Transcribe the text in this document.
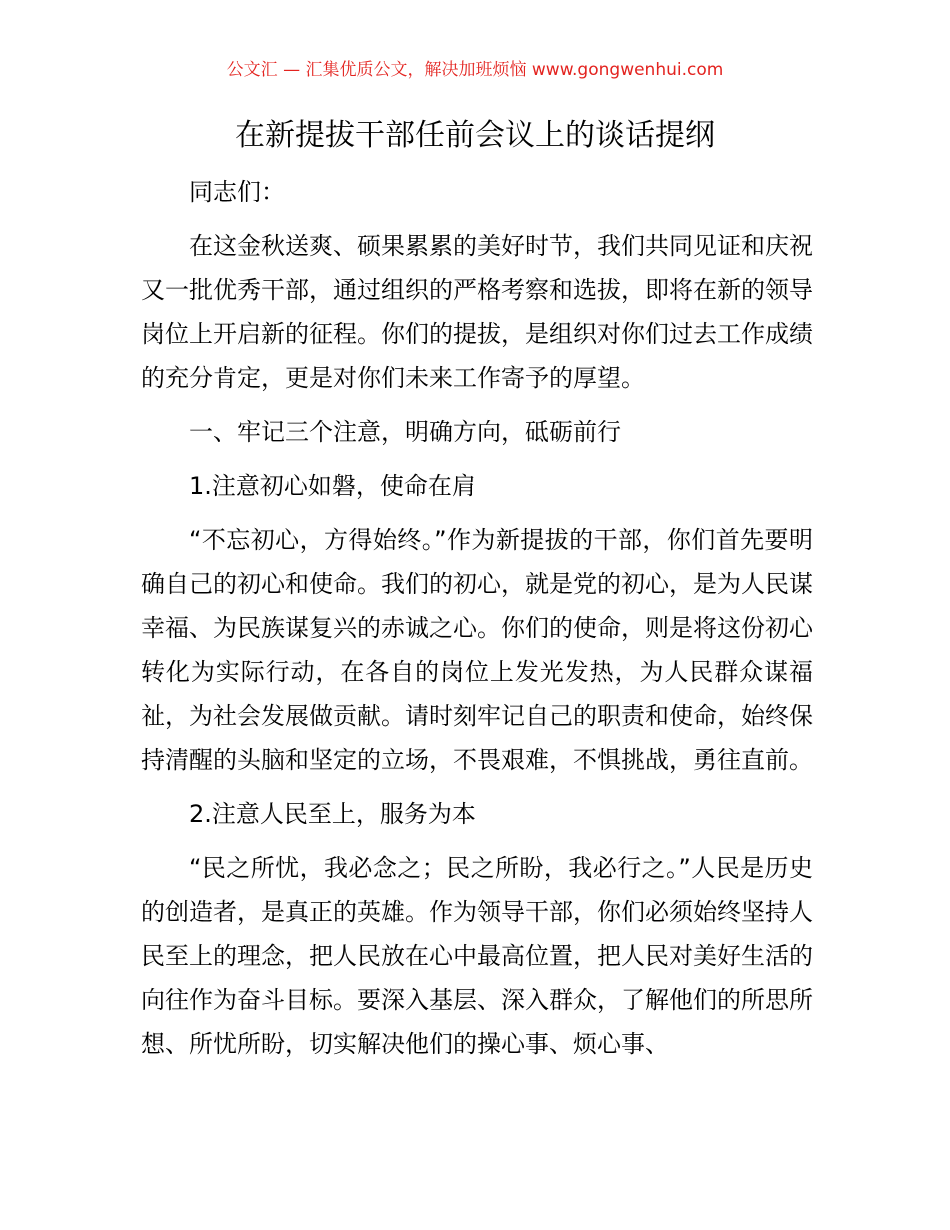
公文汇 — 汇集优质公文，解决加班烦恼 www.gongwenhui.com
在新提拔干部任前会议上的谈话提纲

同志们：

在这金秋送爽、硕果累累的美好时节，我们共同见证和庆祝又一批优秀干部，通过组织的严格考察和选拔，即将在新的领导岗位上开启新的征程。你们的提拔，是组织对你们过去工作成绩的充分肯定，更是对你们未来工作寄予的厚望。

一、牢记三个注意，明确方向，砥砺前行

1.注意初心如磐，使命在肩

“不忘初心，方得始终。”作为新提拔的干部，你们首先要明确自己的初心和使命。我们的初心，就是党的初心，是为人民谋幸福、为民族谋复兴的赤诚之心。你们的使命，则是将这份初心转化为实际行动，在各自的岗位上发光发热，为人民群众谋福祉，为社会发展做贡献。请时刻牢记自己的职责和使命，始终保持清醒的头脑和坚定的立场，不畏艰难，不惧挑战，勇往直前。

2.注意人民至上，服务为本

“民之所忧，我必念之；民之所盼，我必行之。”人民是历史的创造者，是真正的英雄。作为领导干部，你们必须始终坚持人民至上的理念，把人民放在心中最高位置，把人民对美好生活的向往作为奋斗目标。要深入基层、深入群众，了解他们的所思所想、所忧所盼，切实解决他们的操心事、烦心事、
